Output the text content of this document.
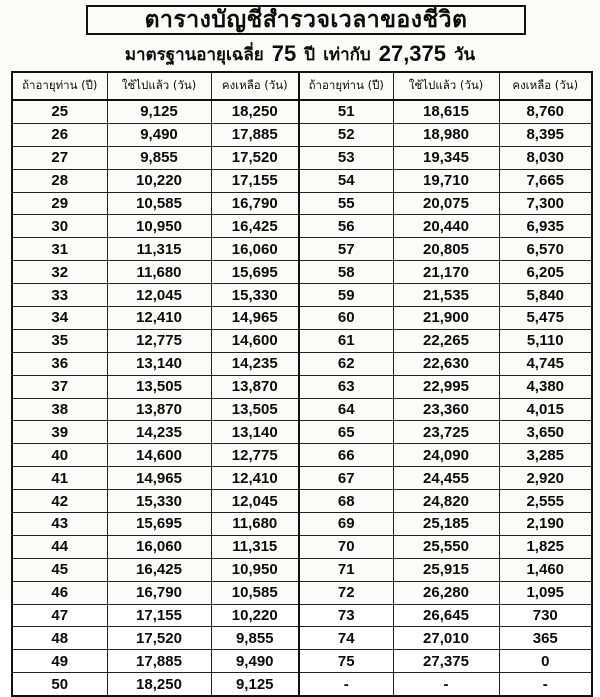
ตารางบัญชีสำรวจเวลาของชีวิต
มาตรฐานอายุเฉลี่ย 75 ปี เท่ากับ 27,375 วัน
ถ้าอายุท่าน (ปี)	ใช้ไปแล้ว (วัน)	คงเหลือ (วัน)	ถ้าอายุท่าน (ปี)	ใช้ไปแล้ว (วัน)	คงเหลือ (วัน)
25	9,125	18,250	51	18,615	8,760
26	9,490	17,885	52	18,980	8,395
27	9,855	17,520	53	19,345	8,030
28	10,220	17,155	54	19,710	7,665
29	10,585	16,790	55	20,075	7,300
30	10,950	16,425	56	20,440	6,935
31	11,315	16,060	57	20,805	6,570
32	11,680	15,695	58	21,170	6,205
33	12,045	15,330	59	21,535	5,840
34	12,410	14,965	60	21,900	5,475
35	12,775	14,600	61	22,265	5,110
36	13,140	14,235	62	22,630	4,745
37	13,505	13,870	63	22,995	4,380
38	13,870	13,505	64	23,360	4,015
39	14,235	13,140	65	23,725	3,650
40	14,600	12,775	66	24,090	3,285
41	14,965	12,410	67	24,455	2,920
42	15,330	12,045	68	24,820	2,555
43	15,695	11,680	69	25,185	2,190
44	16,060	11,315	70	25,550	1,825
45	16,425	10,950	71	25,915	1,460
46	16,790	10,585	72	26,280	1,095
47	17,155	10,220	73	26,645	730
48	17,520	9,855	74	27,010	365
49	17,885	9,490	75	27,375	0
50	18,250	9,125	-	-	-
